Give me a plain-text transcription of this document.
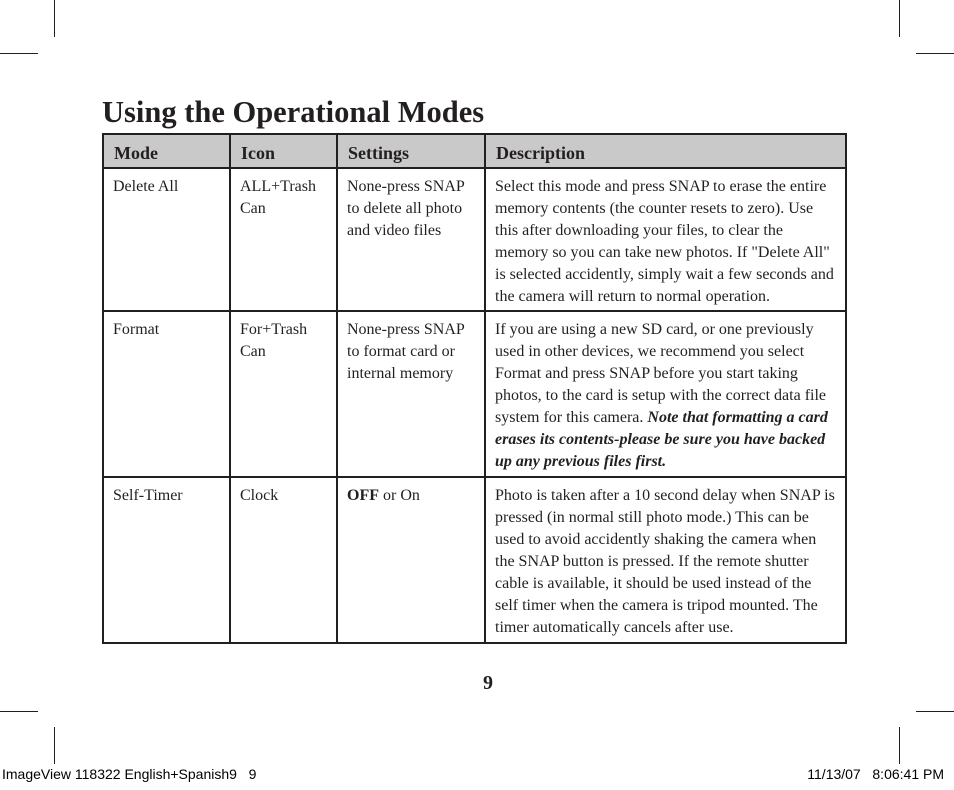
Using the Operational Modes
Mode	Icon	Settings	Description
Delete All	ALL+Trash Can	None-press SNAP to delete all photo and video files	Select this mode and press SNAP to erase the entire memory contents (the counter resets to zero). Use this after downloading your files, to clear the memory so you can take new photos. If "Delete All" is selected accidently, simply wait a few seconds and the camera will return to normal operation.
Format	For+Trash Can	None-press SNAP to format card or internal memory	If you are using a new SD card, or one previously used in other devices, we recommend you select Format and press SNAP before you start taking photos, to the card is setup with the correct data file system for this camera. Note that formatting a card erases its contents-please be sure you have backed up any previous files first.
Self-Timer	Clock	OFF or On	Photo is taken after a 10 second delay when SNAP is pressed (in normal still photo mode.) This can be used to avoid accidently shaking the camera when the SNAP button is pressed. If the remote shutter cable is available, it should be used instead of the self timer when the camera is tripod mounted. The timer automatically cancels after use.
9
ImageView 118322 English+Spanish9   9	11/13/07   8:06:41 PM
